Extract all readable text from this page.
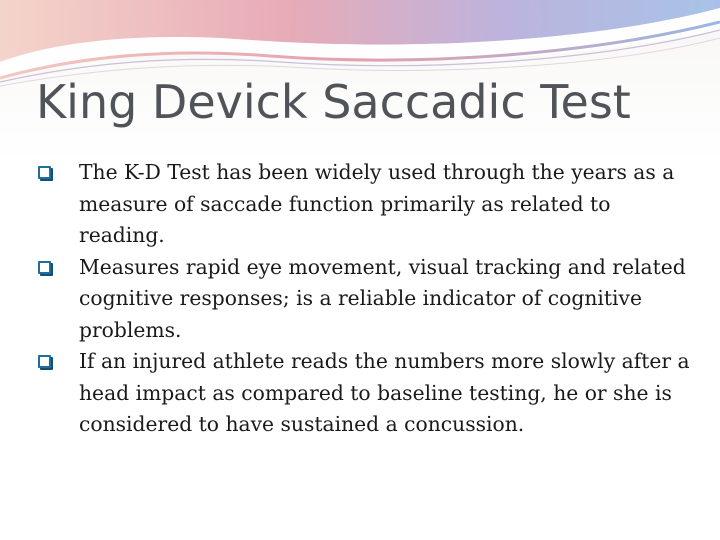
King Devick Saccadic Test
The K-D Test has been widely used through the years as a measure of saccade function primarily as related to reading.
Measures rapid eye movement, visual tracking and related cognitive responses; is a reliable indicator of cognitive problems.
If an injured athlete reads the numbers more slowly after a head impact as compared to baseline testing, he or she is considered to have sustained a concussion.
